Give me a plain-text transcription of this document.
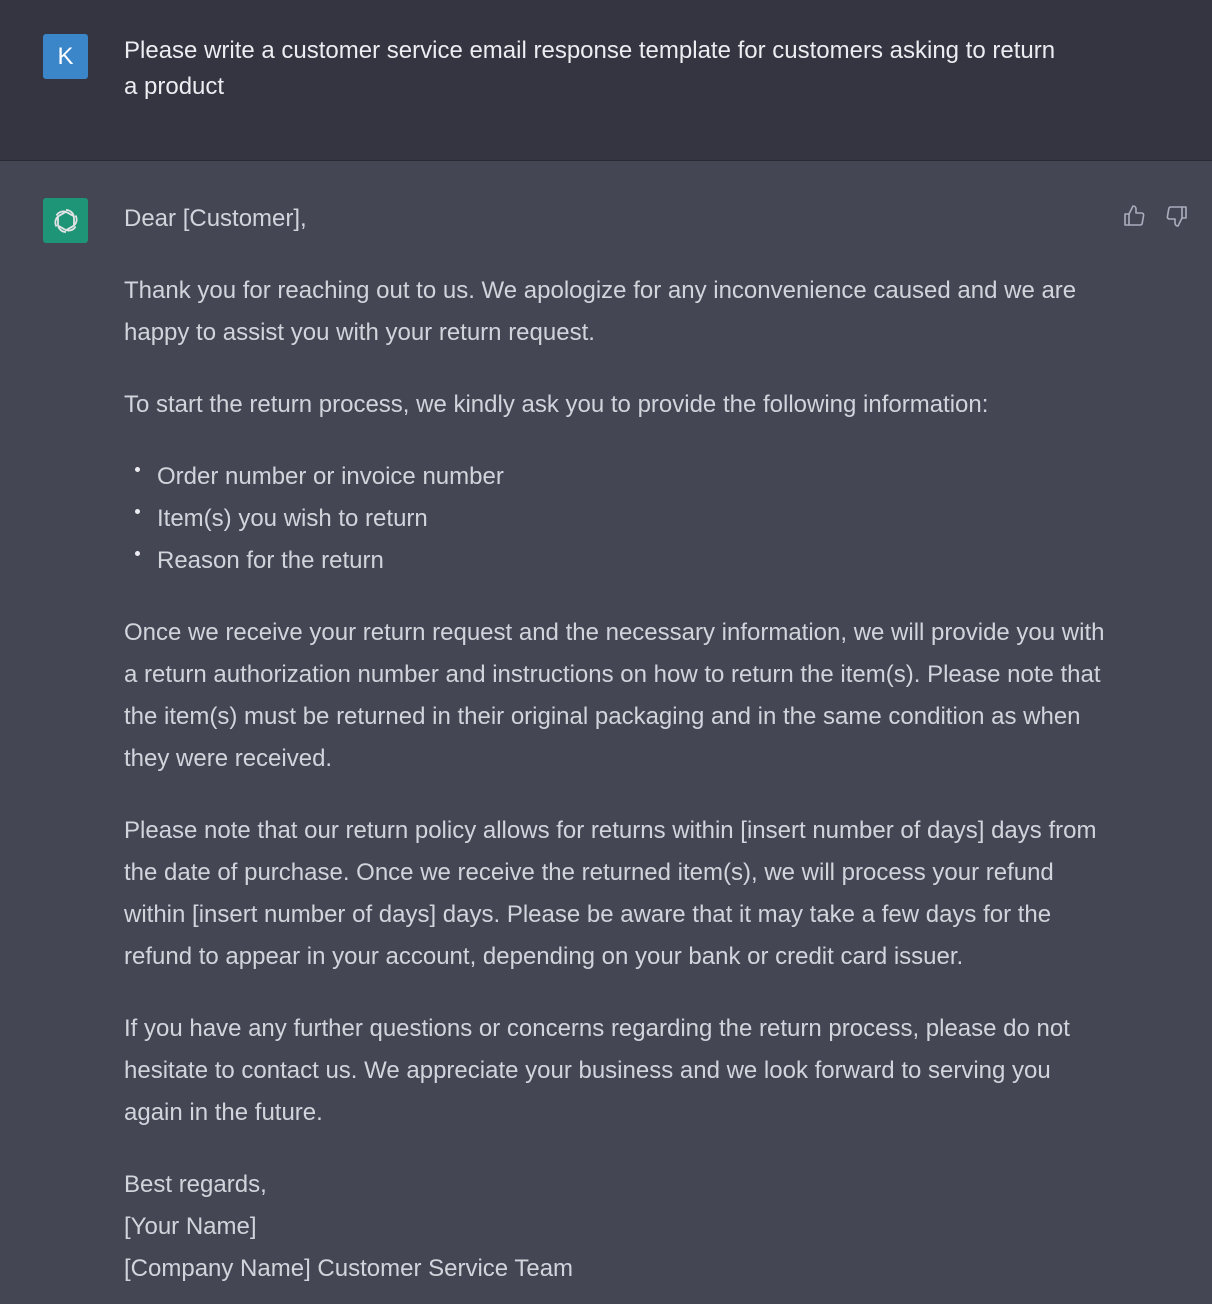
K	Please write a customer service email response template for customers asking to return a product

Dear [Customer],

Thank you for reaching out to us. We apologize for any inconvenience caused and we are happy to assist you with your return request.

To start the return process, we kindly ask you to provide the following information:

Order number or invoice number
Item(s) you wish to return
Reason for the return

Once we receive your return request and the necessary information, we will provide you with a return authorization number and instructions on how to return the item(s). Please note that the item(s) must be returned in their original packaging and in the same condition as when they were received.

Please note that our return policy allows for returns within [insert number of days] days from the date of purchase. Once we receive the returned item(s), we will process your refund within [insert number of days] days. Please be aware that it may take a few days for the refund to appear in your account, depending on your bank or credit card issuer.

If you have any further questions or concerns regarding the return process, please do not hesitate to contact us. We appreciate your business and we look forward to serving you again in the future.

Best regards,
[Your Name]
[Company Name] Customer Service Team
